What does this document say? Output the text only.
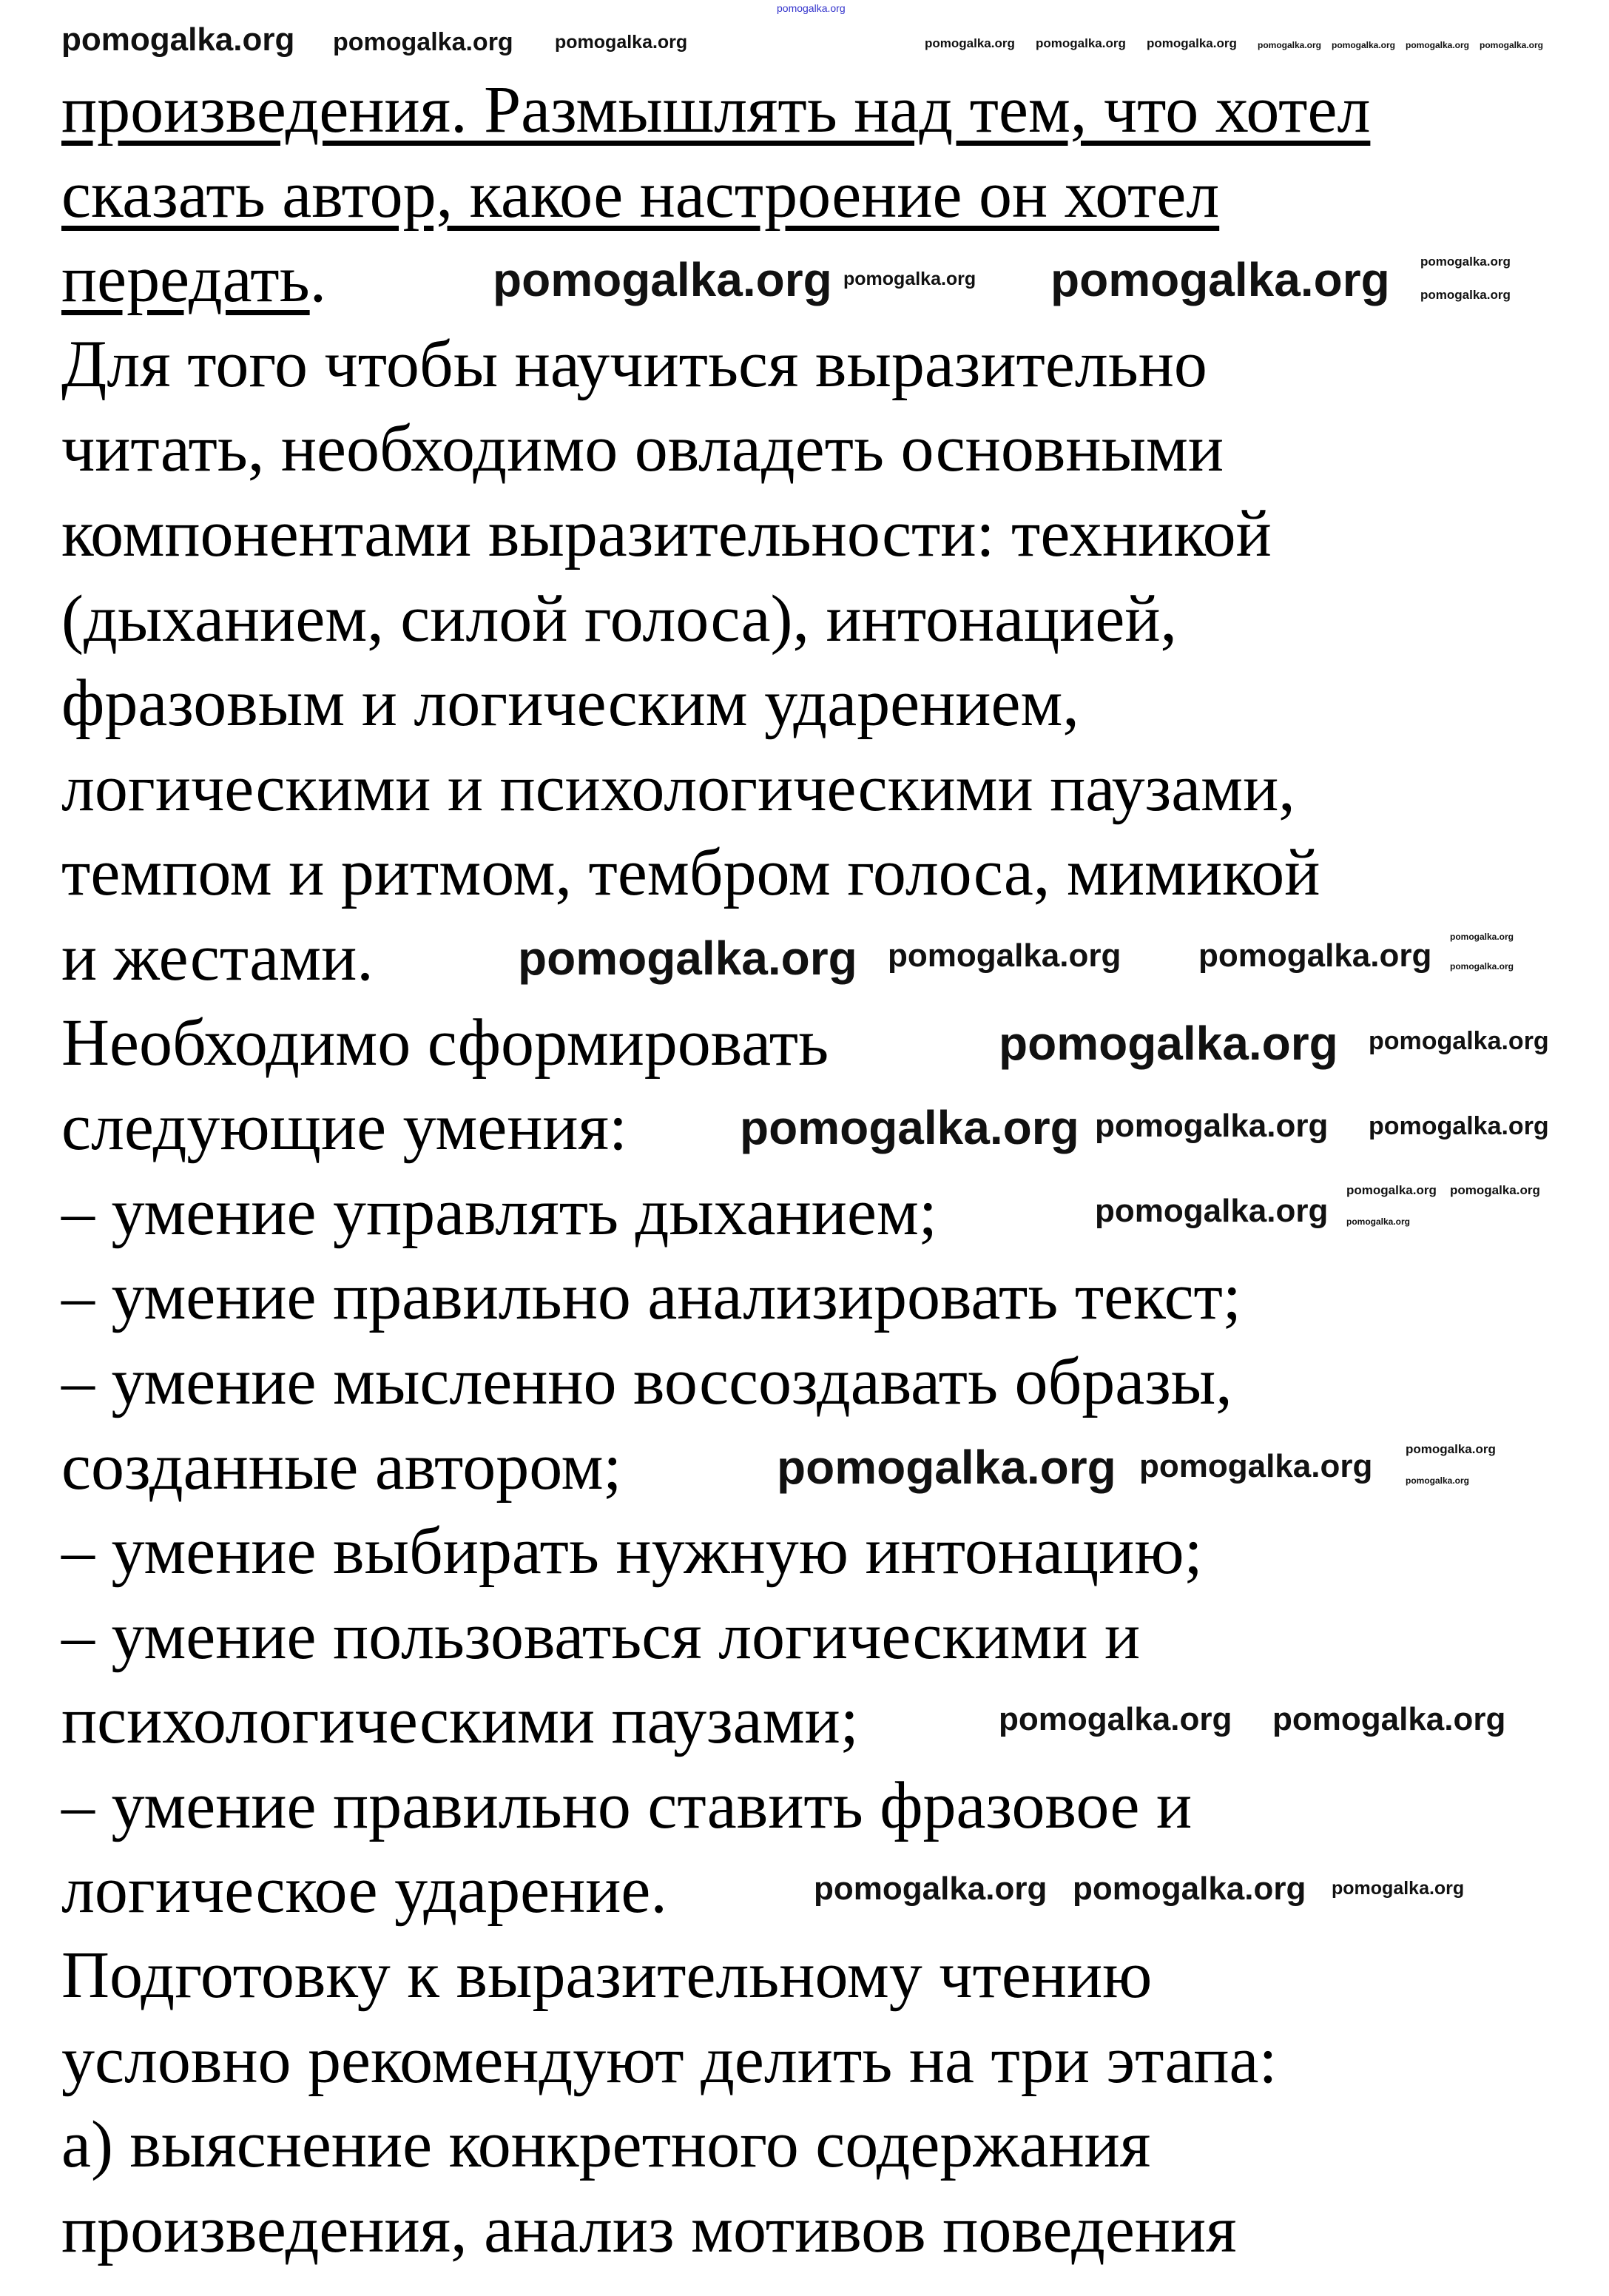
pomogalka.org
произведения. Размышлять над тем, что хотел
сказать автор, какое настроение он хотел
передать.
Для того чтобы научиться выразительно
читать, необходимо овладеть основными
компонентами выразительности: техникой
(дыханием, силой голоса), интонацией,
фразовым и логическим ударением,
логическими и психологическими паузами,
темпом и ритмом, тембром голоса, мимикой
и жестами.
Необходимо сформировать
следующие умения:
– умение управлять дыханием;
– умение правильно анализировать текст;
– умение мысленно воссоздавать образы,
созданные автором;
– умение выбирать нужную интонацию;
– умение пользоваться логическими и
психологическими паузами;
– умение правильно ставить фразовое и
логическое ударение.
Подготовку к выразительному чтению
условно рекомендуют делить на три этапа:
а) выяснение конкретного содержания
произведения, анализ мотивов поведения
pomogalka.org pomogalka.org pomogalka.org	pomogalka.org pomogalka.org pomogalka.org pomogalka.org pomogalka.org pomogalka.org pomogalka.org
pomogalka.org	pomogalka.org
pomogalka.org
pomogalka.org
pomogalka.org
pomogalka.org pomogalka.org pomogalka.org
pomogalka.org
pomogalka.org
pomogalka.org pomogalka.org
pomogalka.org pomogalka.org pomogalka.org
pomogalka.org
pomogalka.org pomogalka.org
pomogalka.org
pomogalka.org pomogalka.org	pomogalka.org
pomogalka.org
pomogalka.org pomogalka.org
pomogalka.org pomogalka.org pomogalka.org
